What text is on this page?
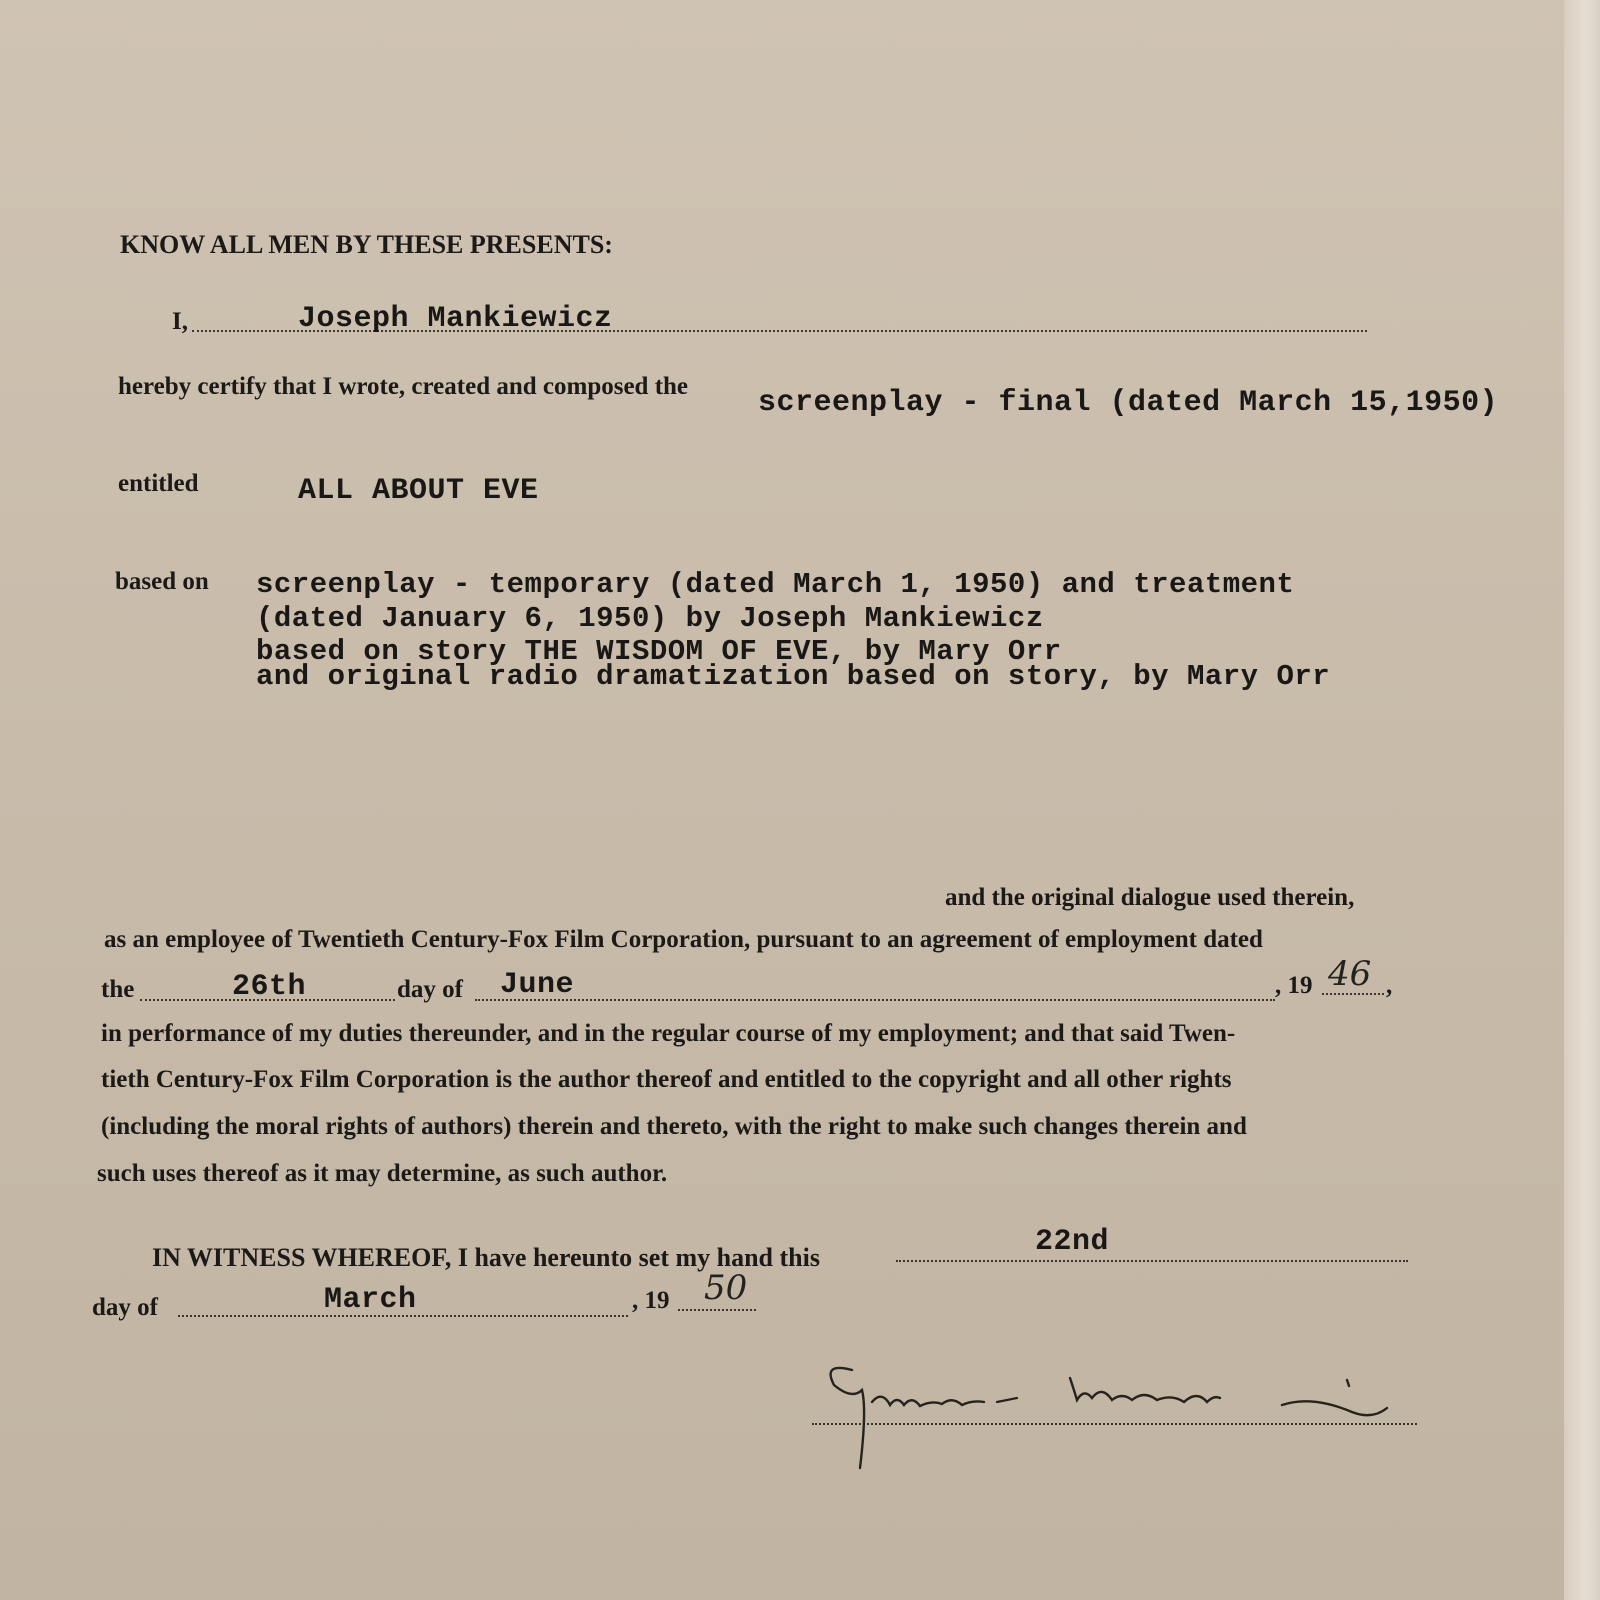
KNOW ALL MEN BY THESE PRESENTS:
I,	Joseph Mankiewicz
hereby certify that I wrote, created and composed the screenplay - final (dated March 15,1950)
entitled	ALL ABOUT EVE
based on screenplay - temporary (dated March 1, 1950) and treatment
(dated January 6, 1950) by Joseph Mankiewicz
based on story THE WISDOM OF EVE, by Mary Orr
and original radio dramatization based on story, by Mary Orr
and the original dialogue used therein,
as an employee of Twentieth Century-Fox Film Corporation, pursuant to an agreement of employment dated
the	26th	day of June	, 19 46 ,
in performance of my duties thereunder, and in the regular course of my employment; and that said Twen-
tieth Century-Fox Film Corporation is the author thereof and entitled to the copyright and all other rights
(including the moral rights of authors) therein and thereto, with the right to make such changes therein and
such uses thereof as it may determine, as such author.
IN WITNESS WHEREOF, I have hereunto set my hand this	22nd
day of	March	, 19 50
